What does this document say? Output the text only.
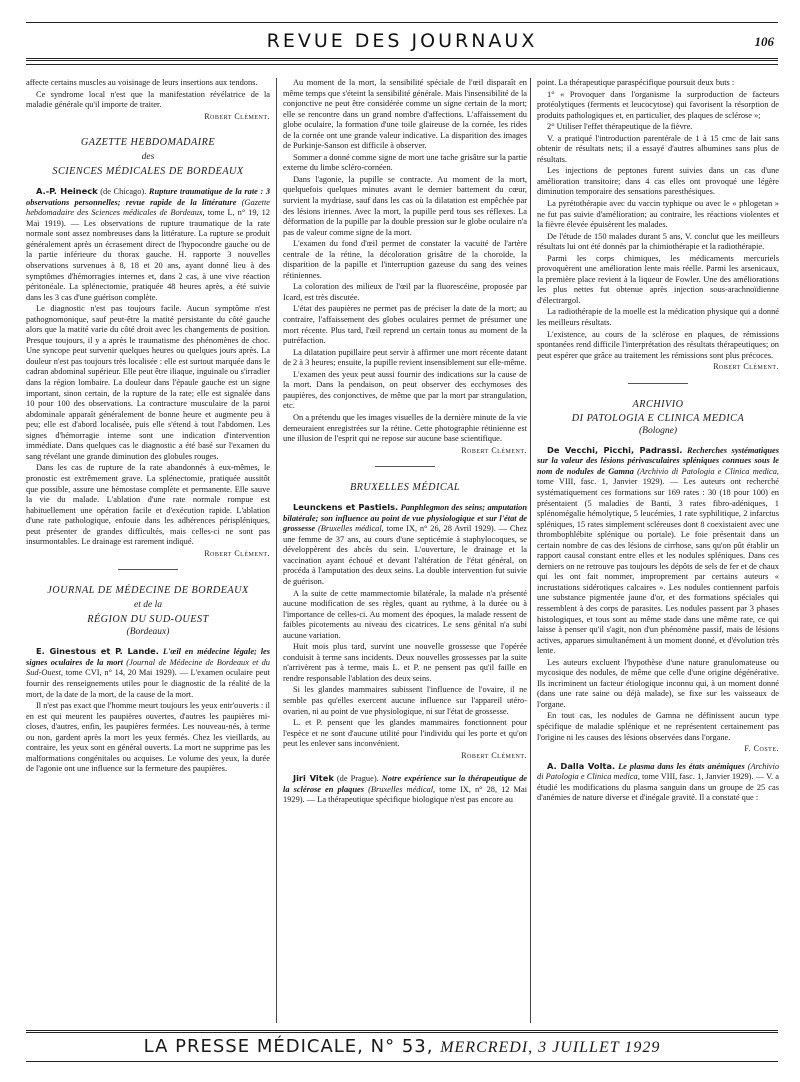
REVUE DES JOURNAUX	106

affecte certains muscles au voisinage de leurs insertions aux tendons.

Ce syndrome local n'est que la manifestation révélatrice de la maladie générale qu'il importe de traiter.

Robert Clément.
GAZETTE HEBDOMADAIRE
des
SCIENCES MÉDICALES DE BORDEAUX

A.-P. Heineck (de Chicago). Rupture traumatique de la rate : 3 observations personnelles; revue rapide de la littérature (Gazette hebdomadaire des Sciences médicales de Bordeaux, tome L, n° 19, 12 Mai 1919). — Les observations de rupture traumatique de la rate normale sont assez nombreuses dans la littérature. La rupture se produit généralement après un écrasement direct de l'hypocondre gauche ou de la partie inférieure du thorax gauche. H. rapporte 3 nouvelles observations survenues à 8, 18 et 20 ans, ayant donné lieu à des symptômes d'hémorragies internes et, dans 2 cas, à une vive réaction péritonéale. La splénectomie, pratiquée 48 heures après, a été suivie dans les 3 cas d'une guérison complète.

Le diagnostic n'est pas toujours facile. Aucun symptôme n'est pathognomonique, sauf peut-être la matité persistante du côté gauche alors que la matité varie du côté droit avec les changements de position. Presque toujours, il y a après le traumatisme des phénomènes de choc. Une syncope peut survenir quelques heures ou quelques jours après. La douleur n'est pas toujours très localisée : elle est surtout marquée dans le cadran abdominal supérieur. Elle peut être iliaque, inguinale ou s'irradier dans la région lombaire. La douleur dans l'épaule gauche est un signe important, sinon certain, de la rupture de la rate; elle est signalée dans 10 pour 100 des observations. La contracture musculaire de la paroi abdominale apparaît généralement de bonne heure et augmente peu à peu; elle est d'abord localisée, puis elle s'étend à tout l'abdomen. Les signes d'hémorragie interne sont une indication d'intervention immédiate. Dans quelques cas le diagnostic a été basé sur l'examen du sang révélant une grande diminution des globules rouges.

Dans les cas de rupture de la rate abandonnés à eux-mêmes, le pronostic est extrêmement grave. La splénectomie, pratiquée aussitôt que possible, assure une hémostase complète et permanente. Elle sauve la vie du malade. L'ablation d'une rate normale rompue est habituellement une opération facile et d'exécution rapide. L'ablation d'une rate pathologique, enfouie dans les adhérences périspléniques, peut présenter de grandes difficultés, mais celles-ci ne sont pas insurmontables. Le drainage est rarement indiqué.

Robert Clément.
JOURNAL DE MÉDECINE DE BORDEAUX
et de la
RÉGION DU SUD-OUEST
(Bordeaux)

E. Ginestous et P. Lande. L'œil en médecine légale; les signes oculaires de la mort (Journal de Médecine de Bordeaux et du Sud-Ouest, tome CVI, n° 14, 20 Mai 1929). — L'examen oculaire peut fournir des renseignements utiles pour le diagnostic de la réalité de la mort, de la date de la mort, de la cause de la mort.

Il n'est pas exact que l'homme meurt toujours les yeux entr'ouverts : il en est qui meurent les paupières ouvertes, d'autres les paupières mi-closes, d'autres, enfin, les paupières fermées. Les nouveau-nés, à terme ou non, gardent après la mort les yeux fermés. Chez les vieillards, au contraire, les yeux sont en général ouverts. La mort ne supprime pas les malformations congénitales ou acquises. Le volume des yeux, la durée de l'agonie ont une influence sur la fermeture des paupières.

Au moment de la mort, la sensibilité spéciale de l'œil disparaît en même temps que s'éteint la sensibilité générale. Mais l'insensibilité de la conjonctive ne peut être considérée comme un signe certain de la mort; elle se rencontre dans un grand nombre d'affections. L'affaissement du globe oculaire, la formation d'une toile glaireuse de la cornée, les rides de la cornée ont une grande valeur indicative. La disparition des images de Purkinje-Sanson est difficile à observer.

Sommer a donné comme signe de mort une tache grisâtre sur la partie externe du limbe scléro-cornéen.

Dans l'agonie, la pupille se contracte. Au moment de la mort, quelquefois quelques minutes avant le dernier battement du cœur, survient la mydriase, sauf dans les cas où la dilatation est empêchée par des lésions iriennes. Avec la mort, la pupille perd tous ses réflexes. La déformation de la pupille par la double pression sur le globe oculaire n'a pas de valeur comme signe de la mort.

L'examen du fond d'œil permet de constater la vacuité de l'artère centrale de la rétine, la décoloration grisâtre de la choroïde, la disparition de la papille et l'interruption gazeuse du sang des veines rétiniennes.

La coloration des milieux de l'œil par la fluorescéine, proposée par Icard, est très discutée.

L'état des paupières ne permet pas de préciser la date de la mort; au contraire, l'affaissement des globes oculaires permet de présumer une mort récente. Plus tard, l'œil reprend un certain tonus au moment de la putréfaction.

La dilatation pupillaire peut servir à affirmer une mort récente datant de 2 à 3 heures; ensuite, la pupille revient insensiblement sur elle-même.

L'examen des yeux peut aussi fournir des indications sur la cause de la mort. Dans la pendaison, on peut observer des ecchymoses des paupières, des conjonctives, de même que par la mort par strangulation, etc.

On a prétendu que les images visuelles de la dernière minute de la vie demeuraient enregistrées sur la rétine. Cette photographie rétinienne est une illusion de l'esprit qui ne repose sur aucune base scientifique.

Robert Clément.
BRUXELLES MÉDICAL

Leunckens et Pastiels. Panphlegmon des seins; amputation bilatérale; son influence au point de vue physiologique et sur l'état de grossesse (Bruxelles médical, tome IX, n° 26, 28 Avril 1929). — Chez une femme de 37 ans, au cours d'une septicémie à staphylocoques, se développèrent des abcès du sein. L'ouverture, le drainage et la vaccination ayant échoué et devant l'altération de l'état général, on procéda à l'amputation des deux seins. La double intervention fut suivie de guérison.

A la suite de cette mammectomie bilatérale, la malade n'a présenté aucune modification de ses règles, quant au rythme, à la durée ou à l'importance de celles-ci. Au moment des époques, la malade ressent de faibles picotements au niveau des cicatrices. Le sens génital n'a subi aucune variation.

Huit mois plus tard, survint une nouvelle grossesse que l'opérée conduisit à terme sans incidents. Deux nouvelles grossesses par la suite n'arrivèrent pas à terme, mais L. et P. ne pensent pas qu'il faille en rendre responsable l'ablation des deux seins.

Si les glandes mammaires subissent l'influence de l'ovaire, il ne semble pas qu'elles exercent aucune influence sur l'appareil utéro-ovarien, ni au point de vue physiologique, ni sur l'état de grossesse.

L. et P. pensent que les glandes mammaires fonctionnent pour l'espèce et ne sont d'aucune utilité pour l'individu qui les porte et qu'on peut les enlever sans inconvénient.

Robert Clément.

Jiri Vitek (de Prague). Notre expérience sur la thérapeutique de la sclérose en plaques (Bruxelles médical, tome IX, n° 28, 12 Mai 1929). — La thérapeutique spécifique biologique n'est pas encore au

point. La thérapeutique paraspécifique poursuit deux buts :

1° « Provoquer dans l'organisme la surproduction de facteurs protéolytiques (ferments et leucocytose) qui favorisent la résorption de produits pathologiques et, en particulier, des plaques de sclérose »;

2° Utiliser l'effet thérapeutique de la fièvre.

V. a pratiqué l'introduction parentérale de 1 à 15 cmc de lait sans obtenir de résultats nets; il a essayé d'autres albumines sans plus de résultats.

Les injections de peptones furent suivies dans un cas d'une amélioration transitoire; dans 4 cas elles ont provoqué une légère diminution temporaire des sensations paresthésiques.

La pyrétothérapie avec du vaccin typhique ou avec le « phlogetan » ne fut pas suivie d'amélioration; au contraire, les réactions violentes et la fièvre élevée épuisèrent les malades.

De l'étude de 150 malades durant 5 ans, V. conclut que les meilleurs résultats lui ont été donnés par la chimiothérapie et la radiothérapie.

Parmi les corps chimiques, les médicaments mercuriels provoquèrent une amélioration lente mais réelle. Parmi les arsenicaux, la première place revient à la liqueur de Fowler. Une des améliorations les plus nettes fut obtenue après injection sous-arachnoïdienne d'électrargol.

La radiothérapie de la moelle est la médication physique qui a donné les meilleurs résultats.

L'existence, au cours de la sclérose en plaques, de rémissions spontanées rend difficile l'interprétation des résultats thérapeutiques; on peut espérer que grâce au traitement les rémissions sont plus précoces.

Robert Clément.
ARCHIVIO
DI PATOLOGIA E CLINICA MEDICA
(Bologne)

De Vecchi, Picchi, Padrassi. Recherches systématiques sur la valeur des lésions périvasculaires spléniques connues sous le nom de nodules de Gamna (Archivio di Patologia e Clinica medica, tome VIII, fasc. 1, Janvier 1929). — Les auteurs ont recherché systématiquement ces formations sur 169 rates : 30 (18 pour 100) en présentaient (5 maladies de Banti, 3 rates fibro-adéniques, 1 splénomégalie hémolytique, 5 leucémies, 1 rate syphilitique, 2 infarctus spléniques, 15 rates simplement scléreuses dont 8 coexistaient avec une thrombophlébite splénique ou portale). Le foie présentait dans un certain nombre de cas des lésions de cirrhose, sans qu'on pût établir un rapport causal constant entre elles et les nodules spléniques. Dans ces derniers on ne retrouve pas toujours les dépôts de sels de fer et de chaux qui les ont fait nommer, improprement par certains auteurs « incrustations sidérotiques calcaires ». Les nodules contiennent parfois une substance pigmentée jaune d'or, et des formations spéciales qui ressemblent à des corps de parasites. Les nodules passent par 3 phases histologiques, et tous sont au même stade dans une même rate, ce qui laisse à penser qu'il s'agit, non d'un phénomène passif, mais de lésions actives, apparues simultanément à un moment donné, et d'évolution très lente.

Les auteurs excluent l'hypothèse d'une nature granulomateuse ou mycosique des nodules, de même que celle d'une origine dégénérative. Ils incriminent un facteur étiologique inconnu qui, à un moment donné (dans une rate saine ou déjà malade), se fixe sur les vaisseaux de l'organe.

En tout cas, les nodules de Gamna ne définissent aucun type spécifique de maladie splénique et ne représentent certainement pas l'origine ni les causes des lésions observées dans l'organe.

F. Coste.

A. Dalla Volta. Le plasma dans les états anémiques (Archivio di Patologia e Clinica medica, tome VIII, fasc. 1, Janvier 1929). — V. a étudié les modifications du plasma sanguin dans un groupe de 25 cas d'anémies de nature diverse et d'inégale gravité. Il a constaté que :

LA PRESSE MÉDICALE, N° 53, MERCREDI, 3 JUILLET 1929
